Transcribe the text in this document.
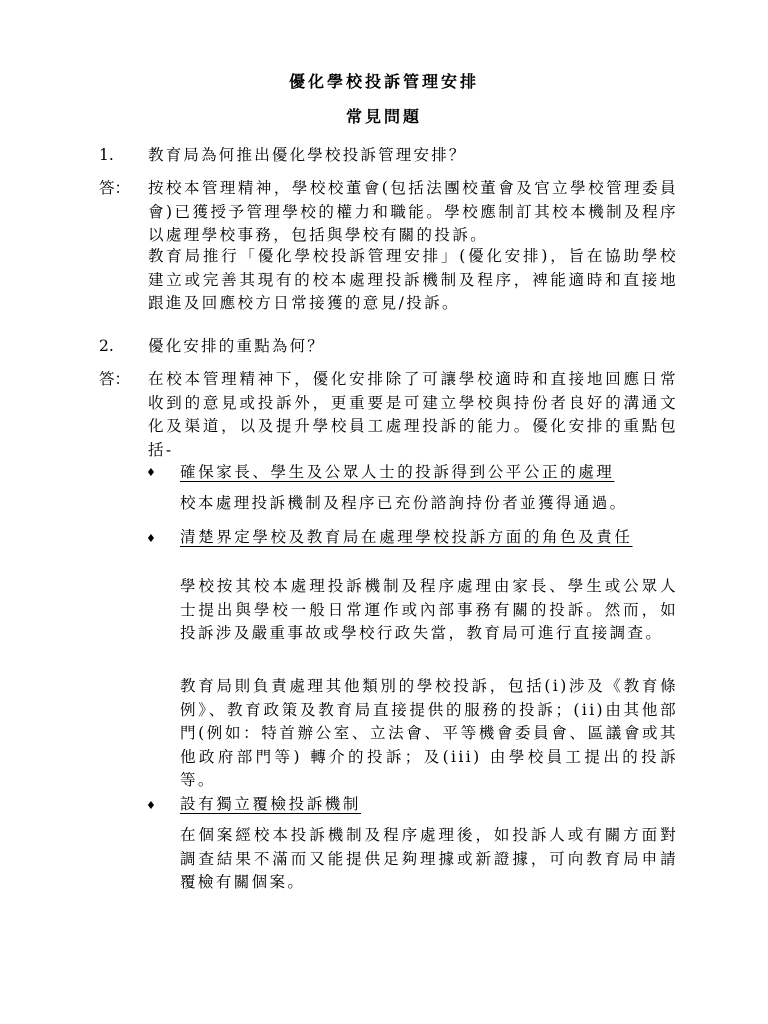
優化學校投訴管理安排
常見問題
1. 教育局為何推出優化學校投訴管理安排？
答： 按校本管理精神，學校校董會(包括法團校董會及官立學校管理委員會)已獲授予管理學校的權力和職能。學校應制訂其校本機制及程序以處理學校事務，包括與學校有關的投訴。
教育局推行「優化學校投訴管理安排」(優化安排)，旨在協助學校建立或完善其現有的校本處理投訴機制及程序，裨能適時和直接地跟進及回應校方日常接獲的意見/投訴。
2. 優化安排的重點為何？
答： 在校本管理精神下，優化安排除了可讓學校適時和直接地回應日常收到的意見或投訴外，更重要是可建立學校與持份者良好的溝通文化及渠道，以及提升學校員工處理投訴的能力。優化安排的重點包括-
♦ 確保家長、學生及公眾人士的投訴得到公平公正的處理
校本處理投訴機制及程序已充份諮詢持份者並獲得通過。
♦ 清楚界定學校及教育局在處理學校投訴方面的角色及責任
學校按其校本處理投訴機制及程序處理由家長、學生或公眾人士提出與學校一般日常運作或內部事務有關的投訴。然而，如投訴涉及嚴重事故或學校行政失當，教育局可進行直接調查。
教育局則負責處理其他類別的學校投訴，包括(i)涉及《教育條例》、教育政策及教育局直接提供的服務的投訴；(ii)由其他部門(例如：特首辦公室、立法會、平等機會委員會、區議會或其他政府部門等) 轉介的投訴；及(iii) 由學校員工提出的投訴等。
♦ 設有獨立覆檢投訴機制
在個案經校本投訴機制及程序處理後，如投訴人或有關方面對調查結果不滿而又能提供足夠理據或新證據，可向教育局申請覆檢有關個案。
